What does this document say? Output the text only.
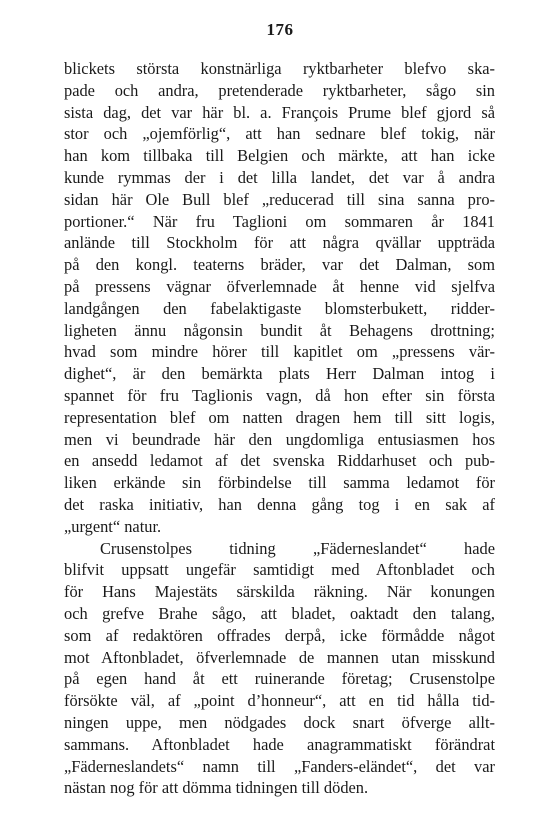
176
blickets största konstnärliga ryktbarheter blefvo ska-
pade och andra, pretenderade ryktbarheter, sågo sin
sista dag, det var här bl. a. François Prume blef gjord så
stor och „ojemförlig“, att han sednare blef tokig, när
han kom tillbaka till Belgien och märkte, att han icke
kunde rymmas der i det lilla landet, det var å andra
sidan här Ole Bull blef „reducerad till sina sanna pro-
portioner.“ När fru Taglioni om sommaren år 1841
anlände till Stockholm för att några qvällar uppträda
på den kongl. teaterns bräder, var det Dalman, som
på pressens vägnar öfverlemnade åt henne vid sjelfva
landgången den fabelaktigaste blomsterbukett, ridder-
ligheten ännu någonsin bundit åt Behagens drottning;
hvad som mindre hörer till kapitlet om „pressens vär-
dighet“, är den bemärkta plats Herr Dalman intog i
spannet för fru Taglionis vagn, då hon efter sin första
representation blef om natten dragen hem till sitt logis,
men vi beundrade här den ungdomliga entusiasmen hos
en ansedd ledamot af det svenska Riddarhuset och pub-
liken erkände sin förbindelse till samma ledamot för
det raska initiativ, han denna gång tog i en sak af
„urgent“ natur.
Crusenstolpes tidning „Fäderneslandet“ hade
blifvit uppsatt ungefär samtidigt med Aftonbladet och
för Hans Majestäts särskilda räkning. När konungen
och grefve Brahe sågo, att bladet, oaktadt den talang,
som af redaktören offrades derpå, icke förmådde något
mot Aftonbladet, öfverlemnade de mannen utan misskund
på egen hand åt ett ruinerande företag; Crusenstolpe
försökte väl, af „point d’honneur“, att en tid hålla tid-
ningen uppe, men nödgades dock snart öfverge allt-
sammans. Aftonbladet hade anagrammatiskt förändrat
„Fäderneslandets“ namn till „Fanders-eländet“, det var
nästan nog för att dömma tidningen till döden.
